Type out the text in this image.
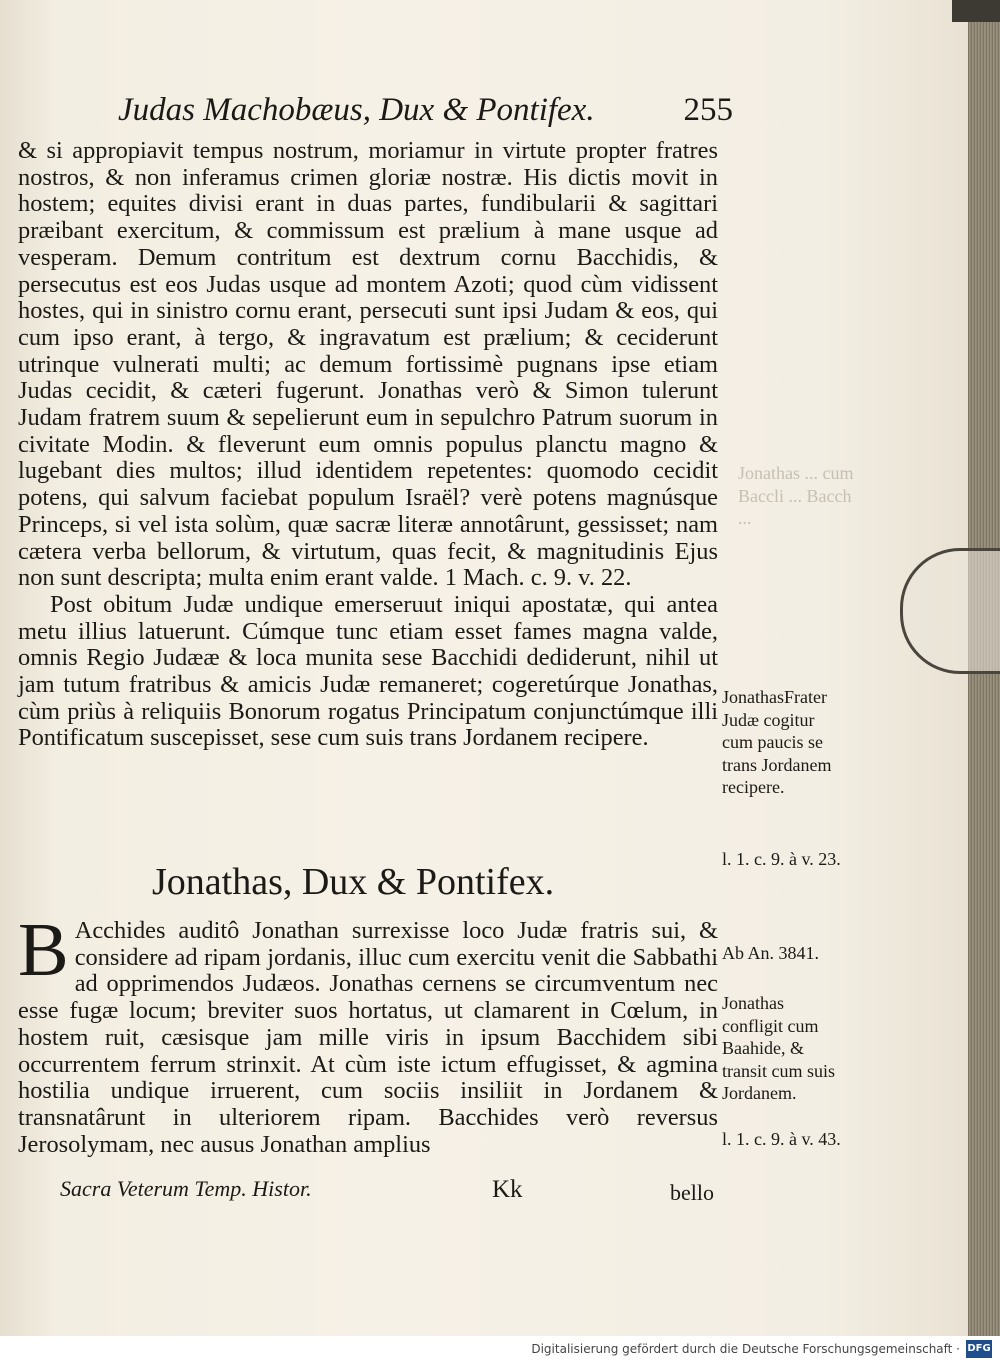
Judas Machobæus, Dux & Pontifex.	255

& si appropiavit tempus nostrum, moriamur in virtute propter fratres nostros, & non inferamus crimen gloriæ nostræ. His dictis movit in hostem; equites divisi erant in duas partes, fundibularii & sagittari præibant exercitum, & commissum est prælium à mane usque ad vesperam. Demum contritum est dextrum cornu Bacchidis, & persecutus est eos Judas usque ad montem Azoti; quod cùm vidissent hostes, qui in sinistro cornu erant, persecuti sunt ipsi Judam & eos, qui cum ipso erant, à tergo, & ingravatum est prælium; & ceciderunt utrinque vulnerati multi; ac demum fortissimè pugnans ipse etiam Judas cecidit, & cæteri fugerunt. Jonathas verò & Simon tulerunt Judam fratrem suum & sepelierunt eum in sepulchro Patrum suorum in civitate Modin. & fleverunt eum omnis populus planctu magno & lugebant dies multos; illud identidem repetentes: quomodo cecidit potens, qui salvum faciebat populum Israël? verè potens magnúsque Princeps, si vel ista solùm, quæ sacræ literæ annotârunt, gessisset; nam cætera verba bellorum, & virtutum, quas fecit, & magnitudinis Ejus non sunt descripta; multa enim erant valde. 1 Mach. c. 9. v. 22.

Post obitum Judæ undique emerseruut iniqui apostatæ, qui antea metu illius latuerunt. Cúmque tunc etiam esset fames magna valde, omnis Regio Judææ & loca munita sese Bacchidi dediderunt, nihil ut jam tutum fratribus & amicis Judæ remaneret; cogeretúrque Jonathas, cùm priùs à reliquiis Bonorum rogatus Principatum conjunctúmque illi Pontificatum suscepisset, sese cum suis trans Jordanem recipere.

Jonathas, Dux & Pontifex.
B Acchides auditô Jonathan surrexisse loco Judæ fratris sui, & considere ad ripam jordanis, illuc cum exercitu venit die Sabbathi ad opprimendos Judæos. Jonathas cernens se circumventum nec esse fugæ locum; breviter suos hortatus, ut clamarent in Cœlum, in hostem ruit, cæsisque jam mille viris in ipsum Bacchidem sibi occurrentem ferrum strinxit. At cùm iste ictum effugisset, & agmina hostilia undique irruerent, cum sociis insiliit in Jordanem & transnatârunt in ulteriorem ripam. Bacchides verò reversus Jerosolymam, nec ausus Jonathan amplius
Jonathas ... cum Baccli ... Bacch ...
JonathasFrater Judæ cogitur cum paucis se trans Jordanem recipere.
l. 1. c. 9. à v. 23.
Ab An. 3841.
Jonathas confligit cum Baahide, & transit cum suis Jordanem.
l. 1. c. 9. à v. 43.
Sacra Veterum Temp. Histor.	Kk	bello
Digitalisierung gefördert durch die Deutsche Forschungsgemeinschaft · DFG
